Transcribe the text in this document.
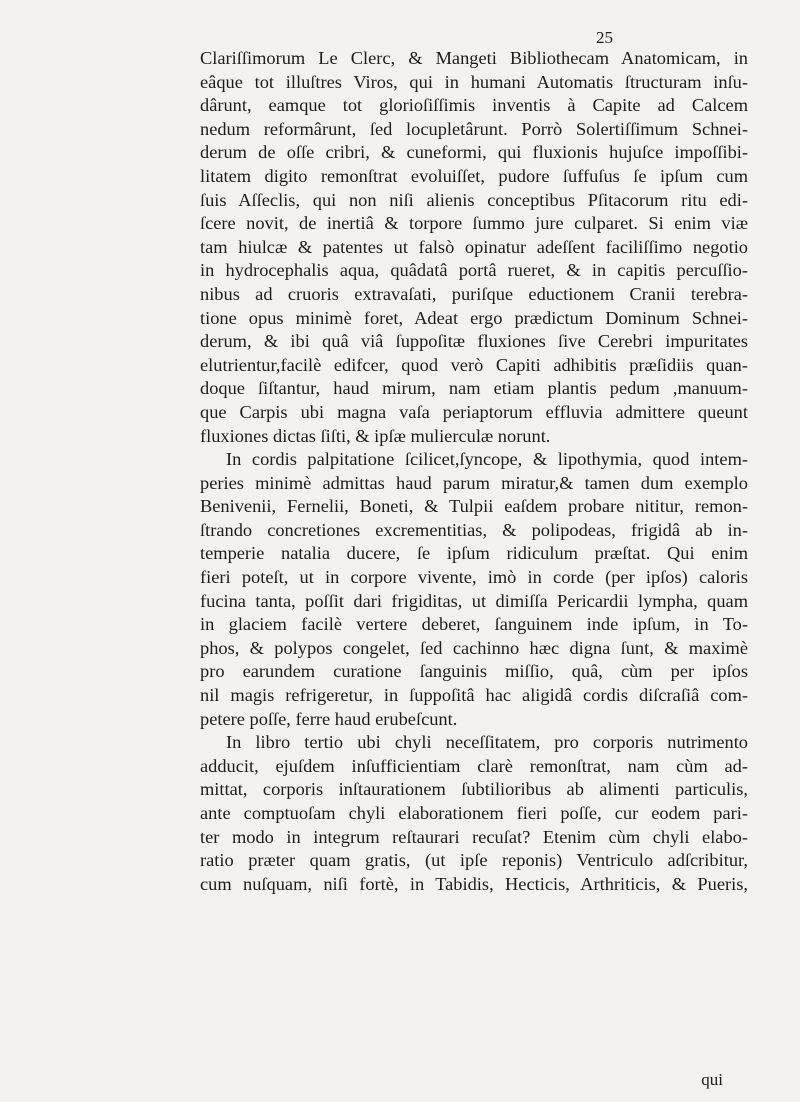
25
Clariſſimorum Le Clerc, & Mangeti Bibliothecam Anatomicam, in
eâque tot illuſtres Viros, qui in humani Automatis ſtructuram inſu-
dârunt, eamque tot glorioſiſſimis inventis à Capite ad Calcem
nedum reformârunt, ſed locupletârunt. Porrò Solertiſſimum Schnei-
derum de oſſe cribri, & cuneformi, qui fluxionis hujuſce impoſſibi-
litatem digito remonſtrat evoluiſſet, pudore ſuffuſus ſe ipſum cum
ſuis Aſſeclis, qui non niſi alienis conceptibus Pſitacorum ritu edi-
ſcere novit, de inertiâ & torpore ſummo jure culparet. Si enim viæ
tam hiulcæ & patentes ut falsò opinatur adeſſent faciliſſimo negotio
in hydrocephalis aqua, quâdatâ portâ rueret, & in capitis percuſſio-
nibus ad cruoris extravaſati, puriſque eductionem Cranii terebra-
tione opus minimè foret, Adeat ergo prædictum Dominum Schnei-
derum, & ibi quâ viâ ſuppoſitæ fluxiones ſive Cerebri impuritates
elutrientur,facilè edifcer, quod verò Capiti adhibitis præſidiis quan-
doque ſiſtantur, haud mirum, nam etiam plantis pedum ,manuum-
que Carpis ubi magna vaſa periaptorum effluvia admittere queunt
fluxiones dictas ſiſti, & ipſæ mulierculæ norunt.
In cordis palpitatione ſcilicet,ſyncope, & lipothymia, quod intem-
peries minimè admittas haud parum miratur,& tamen dum exemplo
Benivenii, Fernelii, Boneti, & Tulpii eaſdem probare nititur, remon-
ſtrando concretiones excrementitias, & polipodeas, frigidâ ab in-
temperie natalia ducere, ſe ipſum ridiculum præſtat. Qui enim
fieri poteſt, ut in corpore vivente, imò in corde (per ipſos) caloris
fucina tanta, poſſit dari frigiditas, ut dimiſſa Pericardii lympha, quam
in glaciem facilè vertere deberet, ſanguinem inde ipſum, in To-
phos, & polypos congelet, ſed cachinno hæc digna ſunt, & maximè
pro earundem curatione ſanguinis miſſio, quâ, cùm per ipſos
nil magis refrigeretur, in ſuppoſitâ hac aligidâ cordis diſcraſiâ com-
petere poſſe, ferre haud erubeſcunt.
In libro tertio ubi chyli neceſſitatem, pro corporis nutrimento
adducit, ejuſdem inſufficientiam clarè remonſtrat, nam cùm ad-
mittat, corporis inſtaurationem ſubtilioribus ab alimenti particulis,
ante comptuoſam chyli elaborationem fieri poſſe, cur eodem pari-
ter modo in integrum reſtaurari recuſat? Etenim cùm chyli elabo-
ratio præter quam gratis, (ut ipſe reponis) Ventriculo adſcribitur,
cum nuſquam, niſi fortè, in Tabidis, Hecticis, Arthriticis, & Pueris,
qui
